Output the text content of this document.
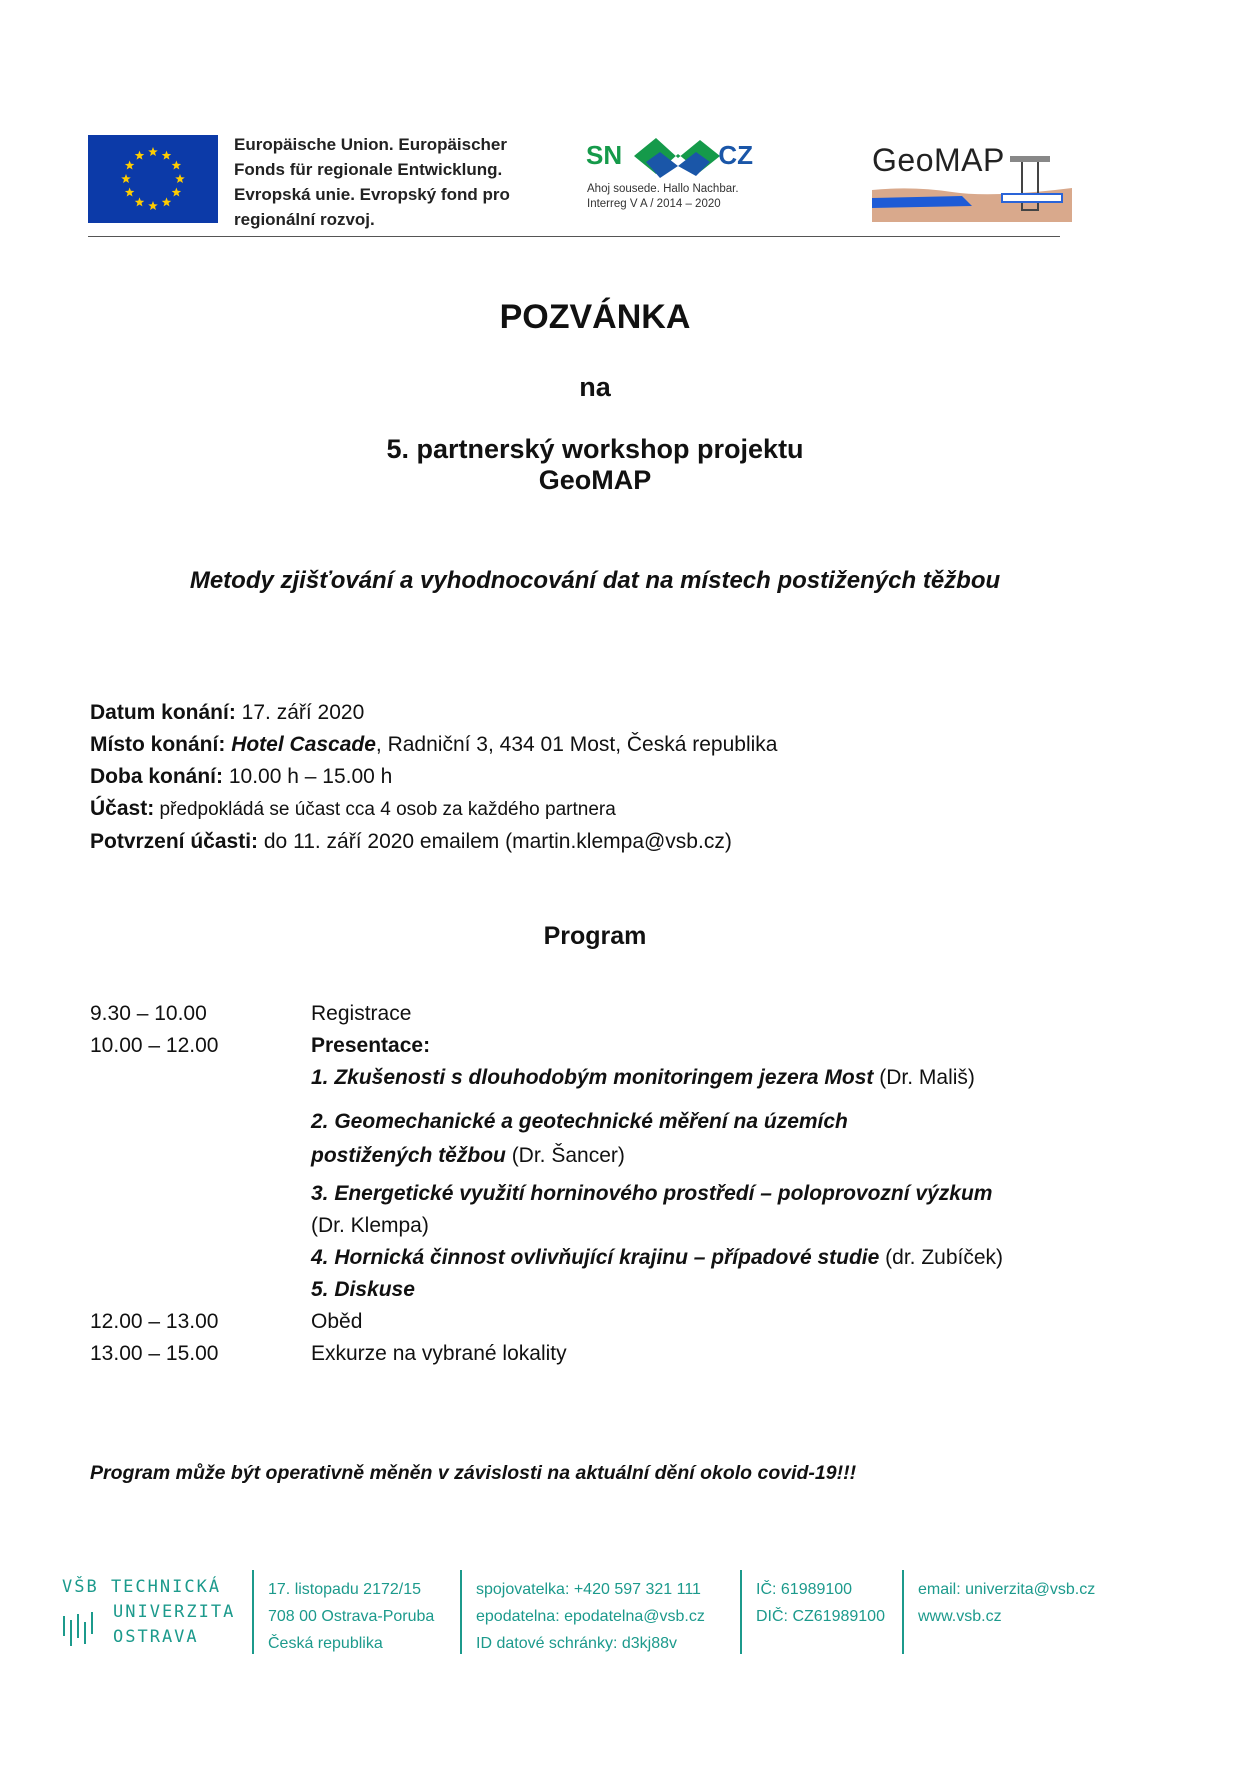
Europäische Union. Europäischer
Fonds für regionale Entwicklung.
Evropská unie. Evropský fond pro
regionální rozvoj.
SN	CZ
Ahoj sousede. Hallo Nachbar.
Interreg V A / 2014 – 2020
GeoMAP
POZVÁNKA
na
5. partnerský workshop projektu
GeoMAP
Metody zjišťování a vyhodnocování dat na místech postižených těžbou
Datum konání: 17. září 2020
Místo konání: Hotel Cascade, Radniční 3, 434 01 Most, Česká republika
Doba konání: 10.00 h – 15.00 h
Účast: předpokládá se účast cca 4 osob za každého partnera
Potvrzení účasti: do 11. září 2020 emailem (martin.klempa@vsb.cz)
Program
9.30 – 10.00	Registrace
10.00 – 12.00	Presentace:
1. Zkušenosti s dlouhodobým monitoringem jezera Most (Dr. Mališ)
2. Geomechanické a geotechnické měření na územích
postižených těžbou (Dr. Šancer)
3. Energetické využití horninového prostředí – poloprovozní výzkum
(Dr. Klempa)
4. Hornická činnost ovlivňující krajinu – případové studie (dr. Zubíček)
5. Diskuse
12.00 – 13.00	Oběd
13.00 – 15.00	Exkurze na vybrané lokality
Program může být operativně měněn v závislosti na aktuální dění okolo covid-19!!!
VŠB TECHNICKÁ
UNIVERZITA
OSTRAVA
17. listopadu 2172/15
708 00 Ostrava-Poruba
Česká republika
spojovatelka: +420 597 321 111
epodatelna: epodatelna@vsb.cz
ID datové schránky: d3kj88v
IČ: 61989100
DIČ: CZ61989100
email: univerzita@vsb.cz
www.vsb.cz
